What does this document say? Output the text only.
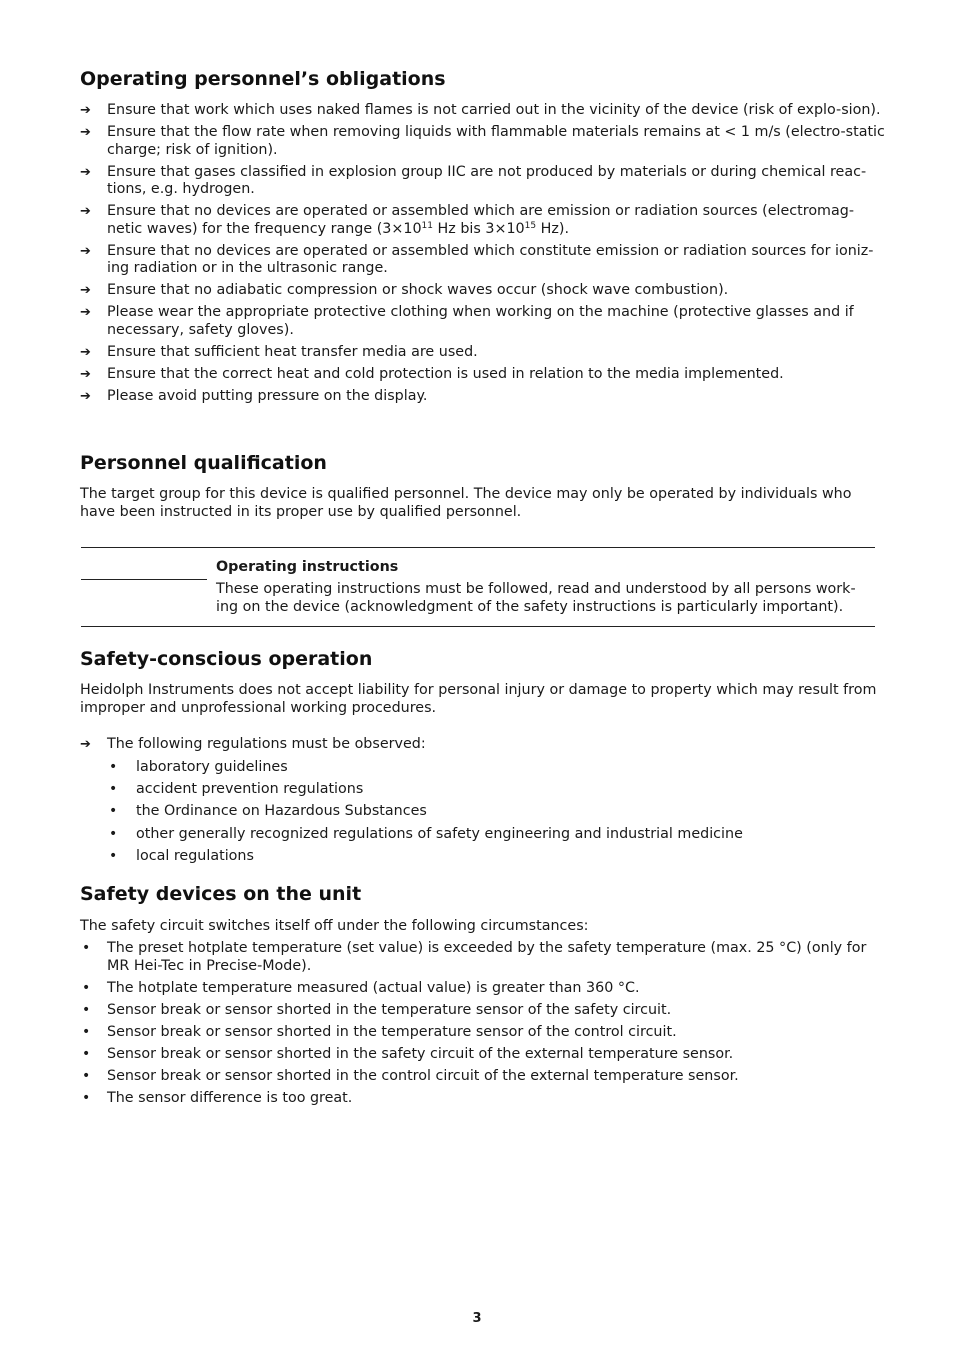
Operating personnel’s obligations
➔ Ensure that work which uses naked flames is not carried out in the vicinity of the device (risk of explo-sion).
➔ Ensure that the flow rate when removing liquids with flammable materials remains at < 1 m/s (electro-static charge; risk of ignition).
➔ Ensure that gases classified in explosion group IIC are not produced by materials or during chemical reac-tions, e.g. hydrogen.
➔ Ensure that no devices are operated or assembled which are emission or radiation sources (electromag-netic waves) for the frequency range ($3\times 10^{11}$ Hz bis $3\times 10^{15}$ Hz).
➔ Ensure that no devices are operated or assembled which constitute emission or radiation sources for ioniz-ing radiation or in the ultrasonic range.
➔ Ensure that no adiabatic compression or shock waves occur (shock wave combustion).
➔ Please wear the appropriate protective clothing when working on the machine (protective glasses and if necessary, safety gloves).
➔ Ensure that sufficient heat transfer media are used.
➔ Ensure that the correct heat and cold protection is used in relation to the media implemented.
➔ Please avoid putting pressure on the display.
Personnel qualification

The target group for this device is qualified personnel. The device may only be operated by individuals who have been instructed in its proper use by qualified personnel.

Operating instructions
These operating instructions must be followed, read and understood by all persons work-ing on the device (acknowledgment of the safety instructions is particularly important).
Safety-conscious operation

Heidolph Instruments does not accept liability for personal injury or damage to property which may result from improper and unprofessional working procedures.

➔ The following regulations must be observed:
• laboratory guidelines
• accident prevention regulations
• the Ordinance on Hazardous Substances
• other generally recognized regulations of safety engineering and industrial medicine
• local regulations
Safety devices on the unit

The safety circuit switches itself off under the following circumstances:

• The preset hotplate temperature (set value) is exceeded by the safety temperature (max. 25 °C) (only for MR Hei-Tec in Precise-Mode).
• The hotplate temperature measured (actual value) is greater than 360 °C.
• Sensor break or sensor shorted in the temperature sensor of the safety circuit.
• Sensor break or sensor shorted in the temperature sensor of the control circuit.
• Sensor break or sensor shorted in the safety circuit of the external temperature sensor.
• Sensor break or sensor shorted in the control circuit of the external temperature sensor.
• The sensor difference is too great.
3
